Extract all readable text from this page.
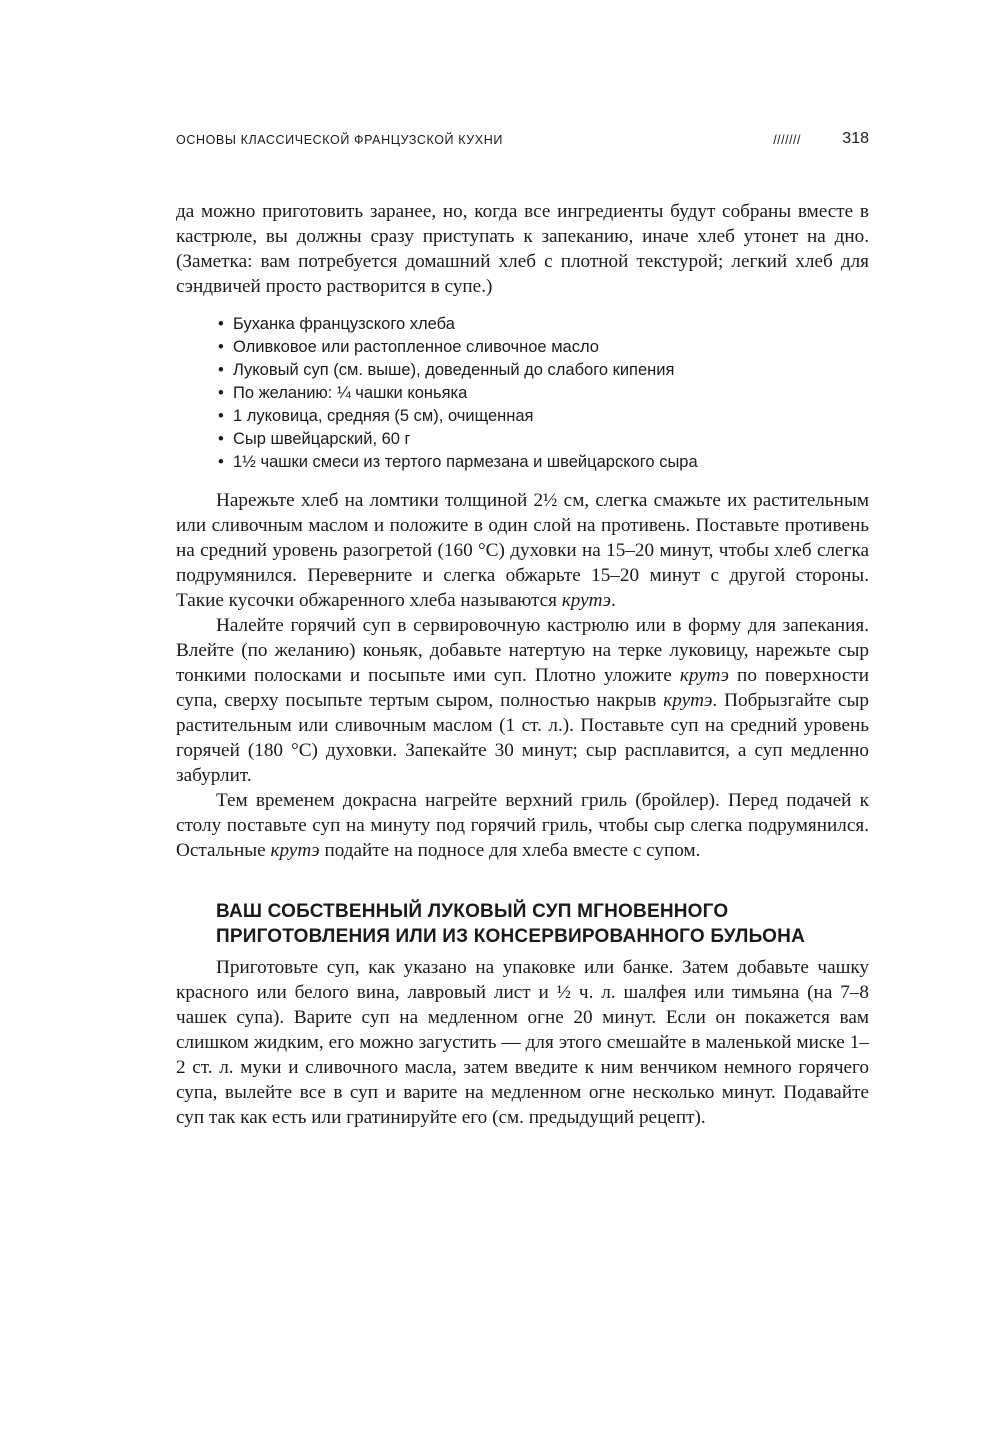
ОСНОВЫ КЛАССИЧЕСКОЙ ФРАНЦУЗСКОЙ КУХНИ	///////	318

да можно приготовить заранее, но, когда все ингредиенты будут собраны вместе в кастрюле, вы должны сразу приступать к запеканию, иначе хлеб утонет на дно. (Заметка: вам потребуется домашний хлеб с плотной текстурой; легкий хлеб для сэндвичей просто растворится в супе.)

• Буханка французского хлеба
• Оливковое или растопленное сливочное масло
• Луковый суп (см. выше), доведенный до слабого кипения
• По желанию: ¼ чашки коньяка
• 1 луковица, средняя (5 см), очищенная
• Сыр швейцарский, 60 г
• 1½ чашки смеси из тертого пармезана и швейцарского сыра

Нарежьте хлеб на ломтики толщиной 2½ см, слегка смажьте их растительным или сливочным маслом и положите в один слой на противень. Поставьте противень на средний уровень разогретой (160 °С) духовки на 15–20 минут, чтобы хлеб слегка подрумянился. Переверните и слегка обжарьте 15–20 минут с другой стороны. Такие кусочки обжаренного хлеба называются крутэ.

Налейте горячий суп в сервировочную кастрюлю или в форму для запекания. Влейте (по желанию) коньяк, добавьте натертую на терке луковицу, нарежьте сыр тонкими полосками и посыпьте ими суп. Плотно уложите крутэ по поверхности супа, сверху посыпьте тертым сыром, полностью накрыв крутэ. Побрызгайте сыр растительным или сливочным маслом (1 ст. л.). Поставьте суп на средний уровень горячей (180 °С) духовки. Запекайте 30 минут; сыр расплавится, а суп медленно забурлит.

Тем временем докрасна нагрейте верхний гриль (бройлер). Перед подачей к столу поставьте суп на минуту под горячий гриль, чтобы сыр слегка подрумянился. Остальные крутэ подайте на подносе для хлеба вместе с супом.

ВАШ СОБСТВЕННЫЙ ЛУКОВЫЙ СУП МГНОВЕННОГО ПРИГОТОВЛЕНИЯ ИЛИ ИЗ КОНСЕРВИРОВАННОГО БУЛЬОНА

Приготовьте суп, как указано на упаковке или банке. Затем добавьте чашку красного или белого вина, лавровый лист и ½ ч. л. шалфея или тимьяна (на 7–8 чашек супа). Варите суп на медленном огне 20 минут. Если он покажется вам слишком жидким, его можно загустить — для этого смешайте в маленькой миске 1–2 ст. л. муки и сливочного масла, затем введите к ним венчиком немного горячего супа, вылейте все в суп и варите на медленном огне несколько минут. Подавайте суп так как есть или гратинируйте его (см. предыдущий рецепт).
